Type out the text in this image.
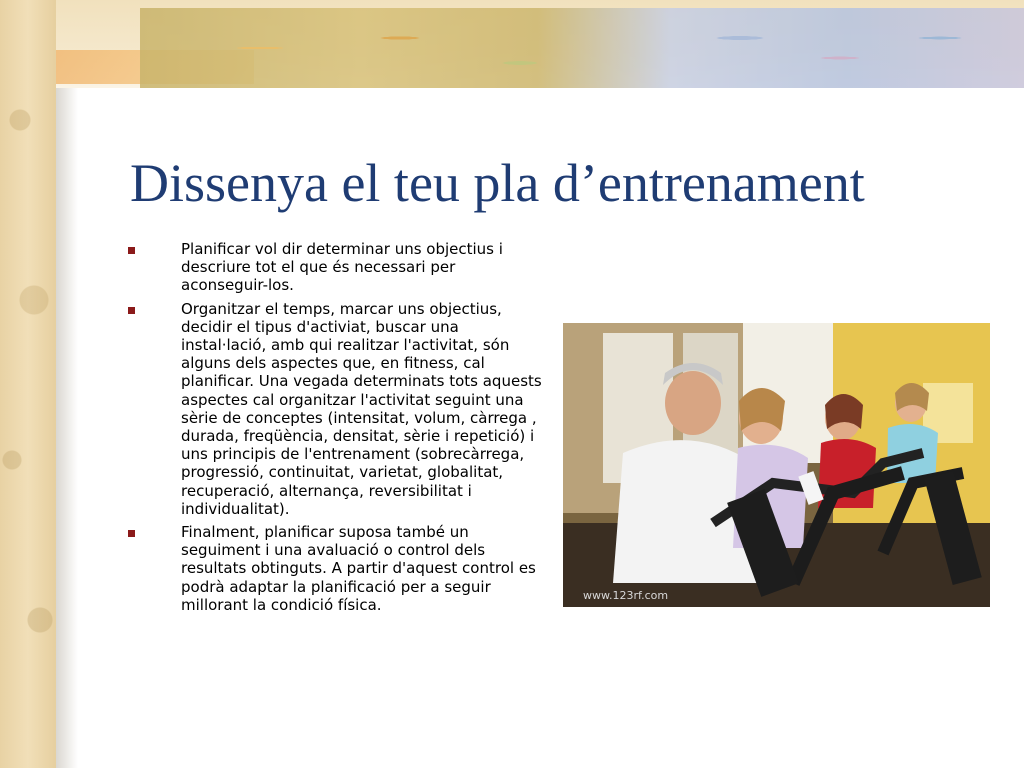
Dissenya el teu pla d’entrenament
Planificar vol dir determinar uns objectius i descriure tot el que és necessari per aconseguir-los.
Organitzar el temps, marcar uns objectius, decidir el tipus d'activiat, buscar una instal·lació, amb qui realitzar l'activitat, són alguns dels aspectes que, en fitness, cal planificar. Una vegada determinats tots aquests aspectes cal organitzar l'activitat seguint una sèrie de conceptes (intensitat, volum, càrrega , durada, freqüència, densitat, sèrie i repetició) i uns principis de l'entrenament (sobrecàrrega, progressió, continuitat, varietat, globalitat, recuperació, alternança, reversibilitat i individualitat).
Finalment, planificar suposa també un seguiment i una avaluació o control dels resultats obtinguts. A partir d'aquest control es podrà adaptar la planificació per a seguir millorant la condició física.
www.123rf.com
